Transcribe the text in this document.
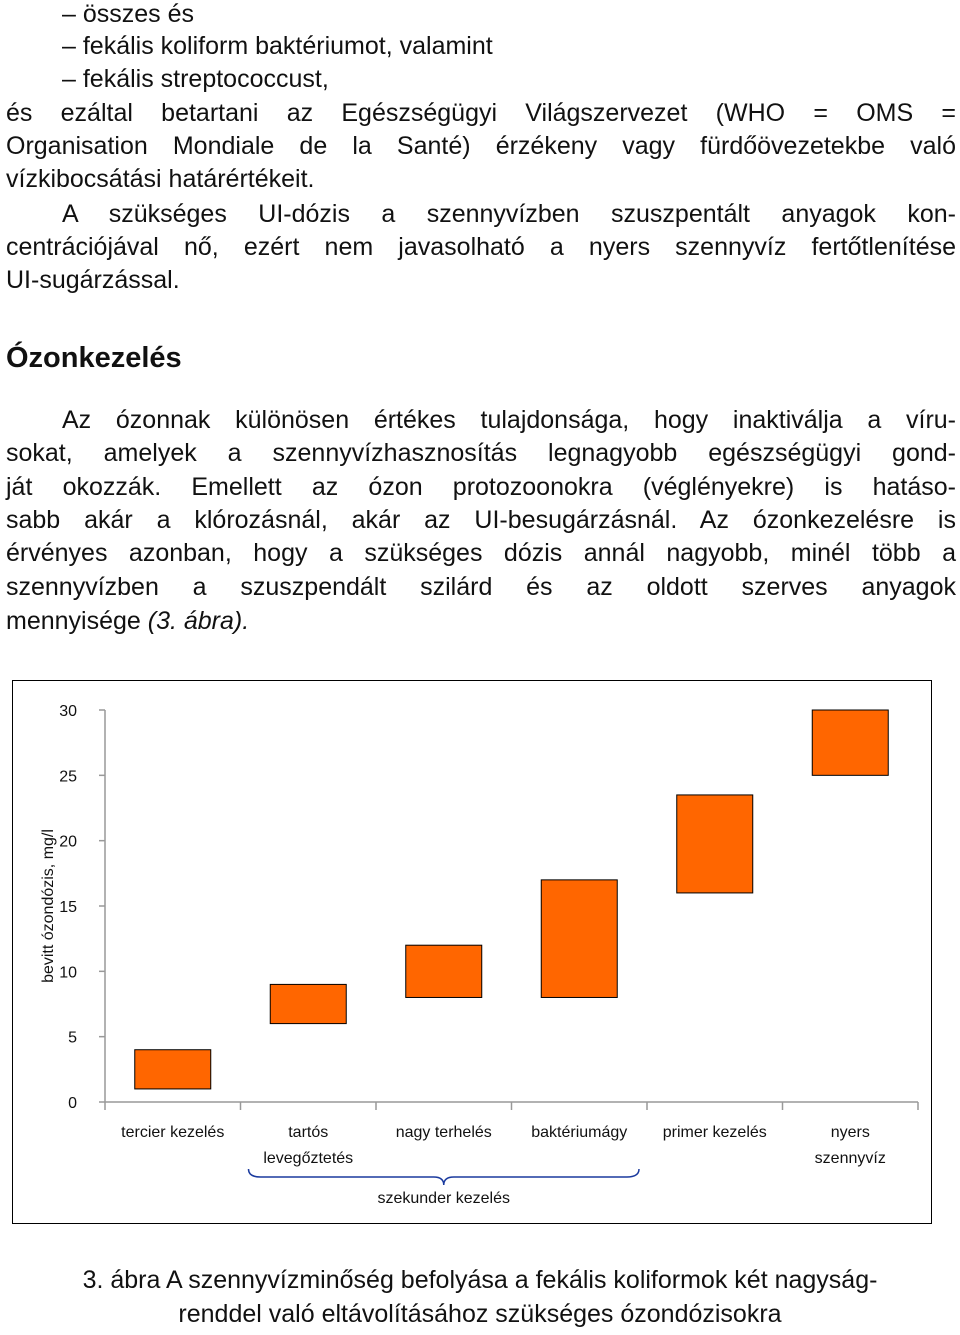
– összes és
– fekális koliform baktériumot, valamint
– fekális streptococcust,
és ezáltal betartani az Egészségügyi Világszervezet (WHO = OMS =
Organisation Mondiale de la Santé) érzékeny vagy fürdőövezetekbe való
vízkibocsátási határértékeit.
A szükséges UI-dózis a szennyvízben szuszpentált anyagok kon-
centrációjával nő, ezért nem javasolható a nyers szennyvíz fertőtlenítése
UI-sugárzással.
Ózonkezelés
Az ózonnak különösen értékes tulajdonsága, hogy inaktiválja a víru-
sokat, amelyek a szennyvízhasznosítás legnagyobb egészségügyi gond-
ját okozzák. Emellett az ózon protozoonokra (véglényekre) is hatáso-
sabb akár a klórozásnál, akár az UI-besugárzásnál. Az ózonkezelésre is
érvényes azonban, hogy a szükséges dózis annál nagyobb, minél több a
szennyvízben a szuszpendált szilárd és az oldott szerves anyagok
mennyisége (3. ábra).
0
5
10
15
20
25
30
bevitt ózondózis, mg/l
tercier kezelés	tartós
levegőztetés
nagy terhelés baktériumágy primer kezelés	nyers
szennyvíz
szekunder kezelés
3. ábra A szennyvízminőség befolyása a fekális koliformok két nagyság-
renddel való eltávolításához szükséges ózondózisokra
